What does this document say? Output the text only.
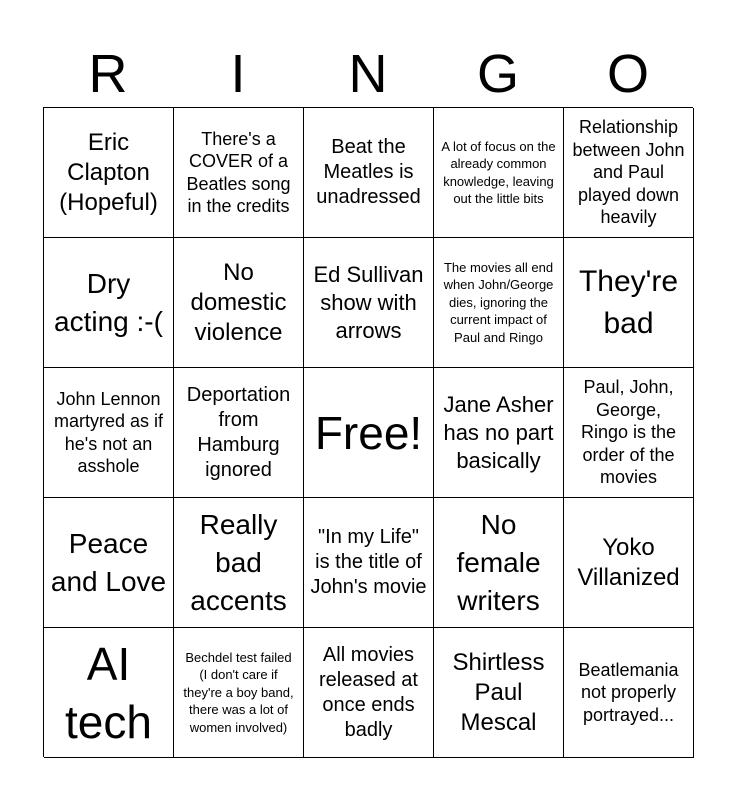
R	I	N	G	O
Eric Clapton (Hopeful)
There's a COVER of a Beatles song in the credits
Beat the Meatles is unadressed
A lot of focus on the already common knowledge, leaving out the little bits
Relationship between John and Paul played down heavily
Dry acting :-(
No domestic violence
Ed Sullivan show with arrows
The movies all end when John/George dies, ignoring the current impact of Paul and Ringo
They're bad
John Lennon martyred as if he's not an asshole
Deportation from Hamburg ignored
Free!
Jane Asher has no part basically
Paul, John, George, Ringo is the order of the movies
Peace and Love
Really bad accents
"In my Life" is the title of John's movie
No female writers
Yoko Villanized
AI tech
Bechdel test failed (I don't care if they're a boy band, there was a lot of women involved)
All movies released at once ends badly
Shirtless Paul Mescal
Beatlemania not properly portrayed...
